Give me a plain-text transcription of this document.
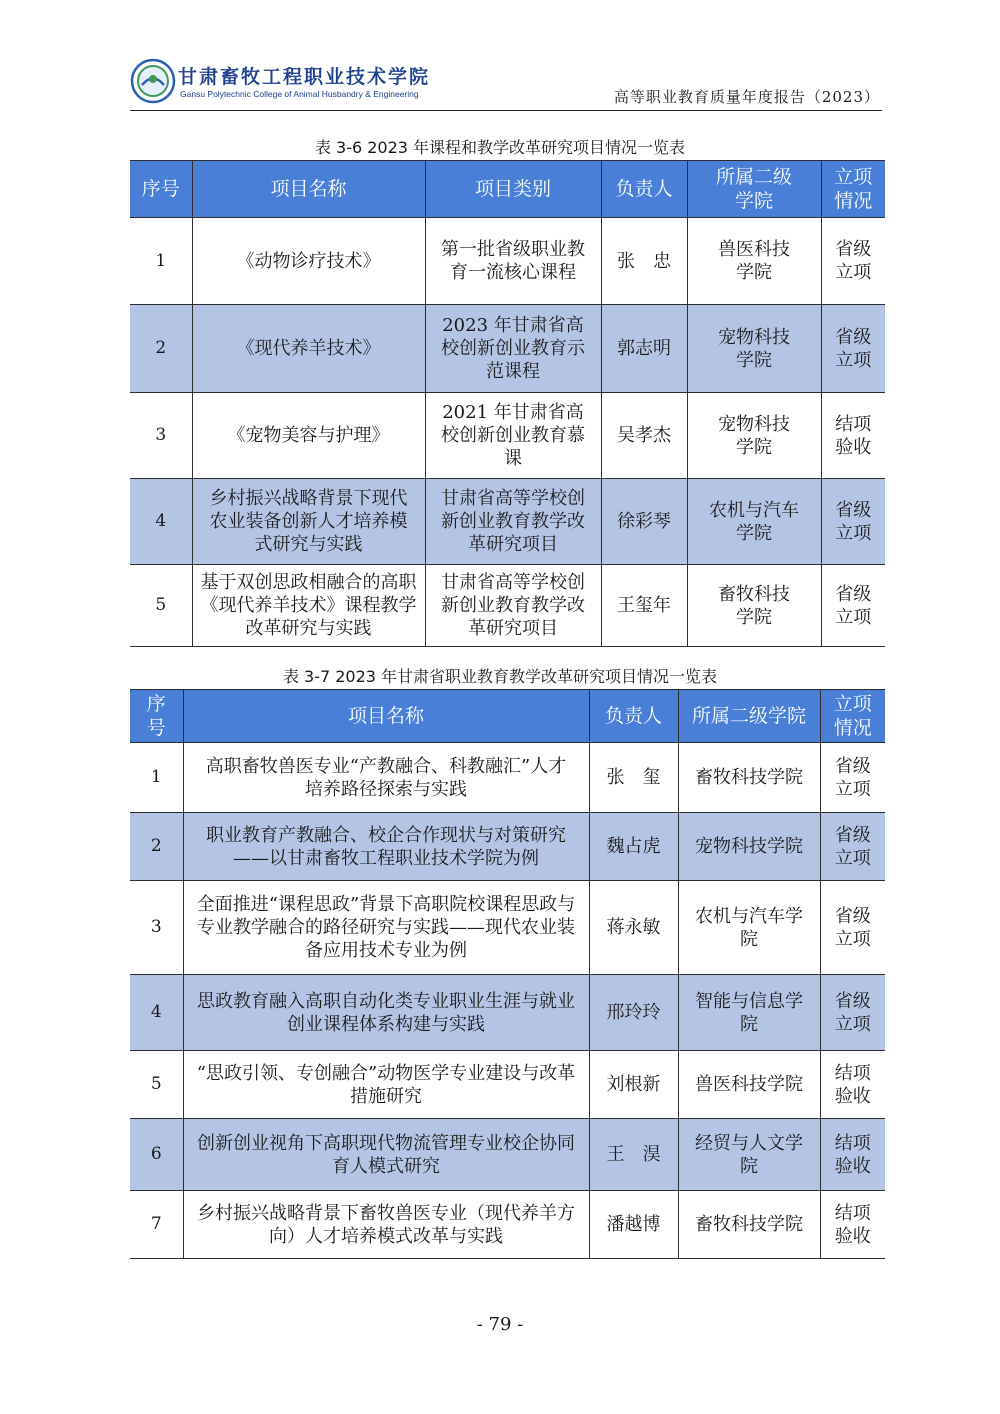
甘肃畜牧工程职业技术学院
Gansu Polytechnic College of Animal Husbandry & Engineering	高等职业教育质量年度报告（2023）
表 3-6 2023 年课程和教学改革研究项目情况一览表
序号	项目名称	项目类别	负责人	所属二级学院	立项情况
1	《动物诊疗技术》	第一批省级职业教育一流核心课程	张　忠	兽医科技学院	省级立项
2	《现代养羊技术》	2023 年甘肃省高校创新创业教育示范课程	郭志明	宠物科技学院	省级立项
3	《宠物美容与护理》	2021 年甘肃省高校创新创业教育慕课	吴孝杰	宠物科技学院	结项验收
4	乡村振兴战略背景下现代农业装备创新人才培养模式研究与实践	甘肃省高等学校创新创业教育教学改革研究项目	徐彩琴	农机与汽车学院	省级立项
5	基于双创思政相融合的高职《现代养羊技术》课程教学改革研究与实践	甘肃省高等学校创新创业教育教学改革研究项目	王玺年	畜牧科技学院	省级立项
表 3-7 2023 年甘肃省职业教育教学改革研究项目情况一览表
序号	项目名称	负责人	所属二级学院	立项情况
1	高职畜牧兽医专业“产教融合、科教融汇”人才培养路径探索与实践	张　玺	畜牧科技学院	省级立项
2	职业教育产教融合、校企合作现状与对策研究——以甘肃畜牧工程职业技术学院为例	魏占虎	宠物科技学院	省级立项
3	全面推进“课程思政”背景下高职院校课程思政与专业教学融合的路径研究与实践——现代农业装备应用技术专业为例	蒋永敏	农机与汽车学院	省级立项
4	思政教育融入高职自动化类专业职业生涯与就业创业课程体系构建与实践	邢玲玲	智能与信息学院	省级立项
5	“思政引领、专创融合”动物医学专业建设与改革措施研究	刘根新	兽医科技学院	结项验收
6	创新创业视角下高职现代物流管理专业校企协同育人模式研究	王　淏	经贸与人文学院	结项验收
7	乡村振兴战略背景下畜牧兽医专业（现代养羊方向）人才培养模式改革与实践	潘越博	畜牧科技学院	结项验收
- 79 -
